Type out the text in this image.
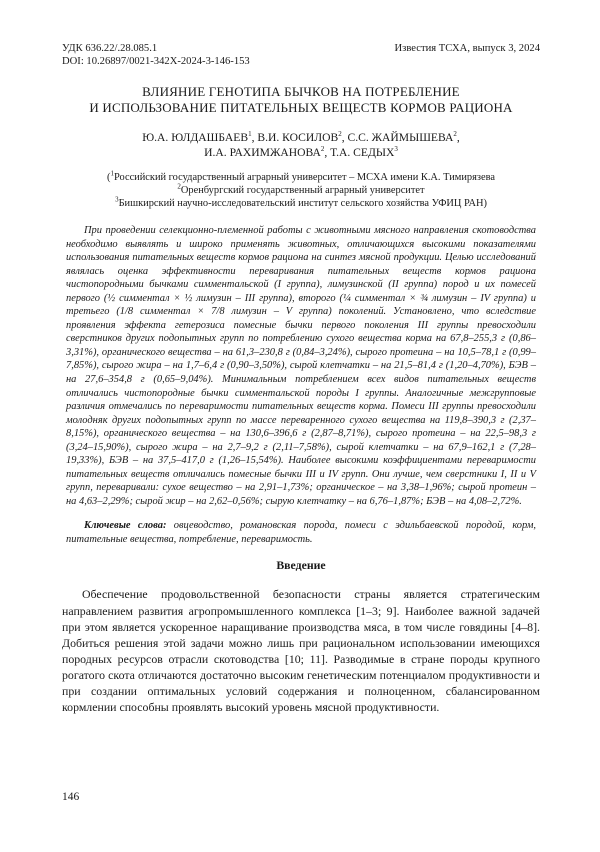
УДК 636.22/.28.085.1
DOI: 10.26897/0021-342X-2024-3-146-153
Известия ТСХА, выпуск 3, 2024
ВЛИЯНИЕ ГЕНОТИПА БЫЧКОВ НА ПОТРЕБЛЕНИЕ
И ИСПОЛЬЗОВАНИЕ ПИТАТЕЛЬНЫХ ВЕЩЕСТВ КОРМОВ РАЦИОНА
Ю.А. ЮЛДАШБАЕВ$^1$, В.И. КОСИЛОВ$^2$, С.С. ЖАЙМЫШЕВА$^2$,
И.А. РАХИМЖАНОВА$^2$, Т.А. СЕДЫХ$^3$
($^1$Российский государственный аграрный университет – МСХА имени К.А. Тимирязева
$^2$Оренбургский государственный аграрный университет
$^3$Бишкирский научно-исследовательский институт сельского хозяйства УФИЦ РАН)
При проведении селекционно-племенной работы с животными мясного направления скотоводства необходимо выявлять и широко применять животных, отличающихся высокими показателями использования питательных веществ кормов рациона на синтез мясной продукции. Целью исследований являлась оценка эффективности переваривания питательных веществ кормов рациона чистопородными бычками симментальской (I группа), лимузинской (II группа) пород и их помесей первого (½ симментал × ½ лимузин – III группа), второго (¼ симментал × ¾ лимузин – IV группа) и третьего (1/8 симментал × 7/8 лимузин – V группа) поколений. Установлено, что вследствие проявления эффекта гетерозиса помесные бычки первого поколения III группы превосходили сверстников других подопытных групп по потреблению сухого вещества корма на 67,8–255,3 г (0,86–3,31%), органического вещества – на 61,3–230,8 г (0,84–3,24%), сырого протеина – на 10,5–78,1 г (0,99–7,85%), сырого жира – на 1,7–6,4 г (0,90–3,50%), сырой клетчатки – на 21,5–81,4 г (1,20–4,70%), БЭВ – на 27,6–354,8 г (0,65–9,04%). Минимальным потреблением всех видов питательных веществ отличались чистопородные бычки симментальской породы I группы. Аналогичные межгрупповые различия отмечались по переваримости питательных веществ корма. Помеси III группы превосходили молодняк других подопытных групп по массе переваренного сухого вещества на 119,8–390,3 г (2,37–8,15%), органического вещества – на 130,6–396,6 г (2,87–8,71%), сырого протеина – на 22,5–98,3 г (3,24–15,90%), сырого жира – на 2,7–9,2 г (2,11–7,58%), сырой клетчатки – на 67,9–162,1 г (7,28–19,33%), БЭВ – на 37,5–417,0 г (1,26–15,54%). Наиболее высокими коэффициентами переваримости питательных веществ отличались помесные бычки III и IV групп. Они лучше, чем сверстники I, II и V групп, переваривали: сухое вещество – на 2,91–1,73%; органическое – на 3,38–1,96%; сырой протеин – на 4,63–2,29%; сырой жир – на 2,62–0,56%; сырую клетчатку – на 6,76–1,87%; БЭВ – на 4,08–2,72%.
Ключевые слова: овцеводство, романовская порода, помеси с эдильбаевской породой, корм, питательные вещества, потребление, переваримость.
Введение
Обеспечение продовольственной безопасности страны является стратегическим направлением развития агропромышленного комплекса [1–3; 9]. Наиболее важной задачей при этом является ускоренное наращивание производства мяса, в том числе говядины [4–8]. Добиться решения этой задачи можно лишь при рациональном использовании имеющихся породных ресурсов отрасли скотоводства [10; 11]. Разводимые в стране породы крупного рогатого скота отличаются достаточно высоким генетическим потенциалом продуктивности и при создании оптимальных условий содержания и полноценном, сбалансированном кормлении способны проявлять высокий уровень мясной продуктивности.
146
